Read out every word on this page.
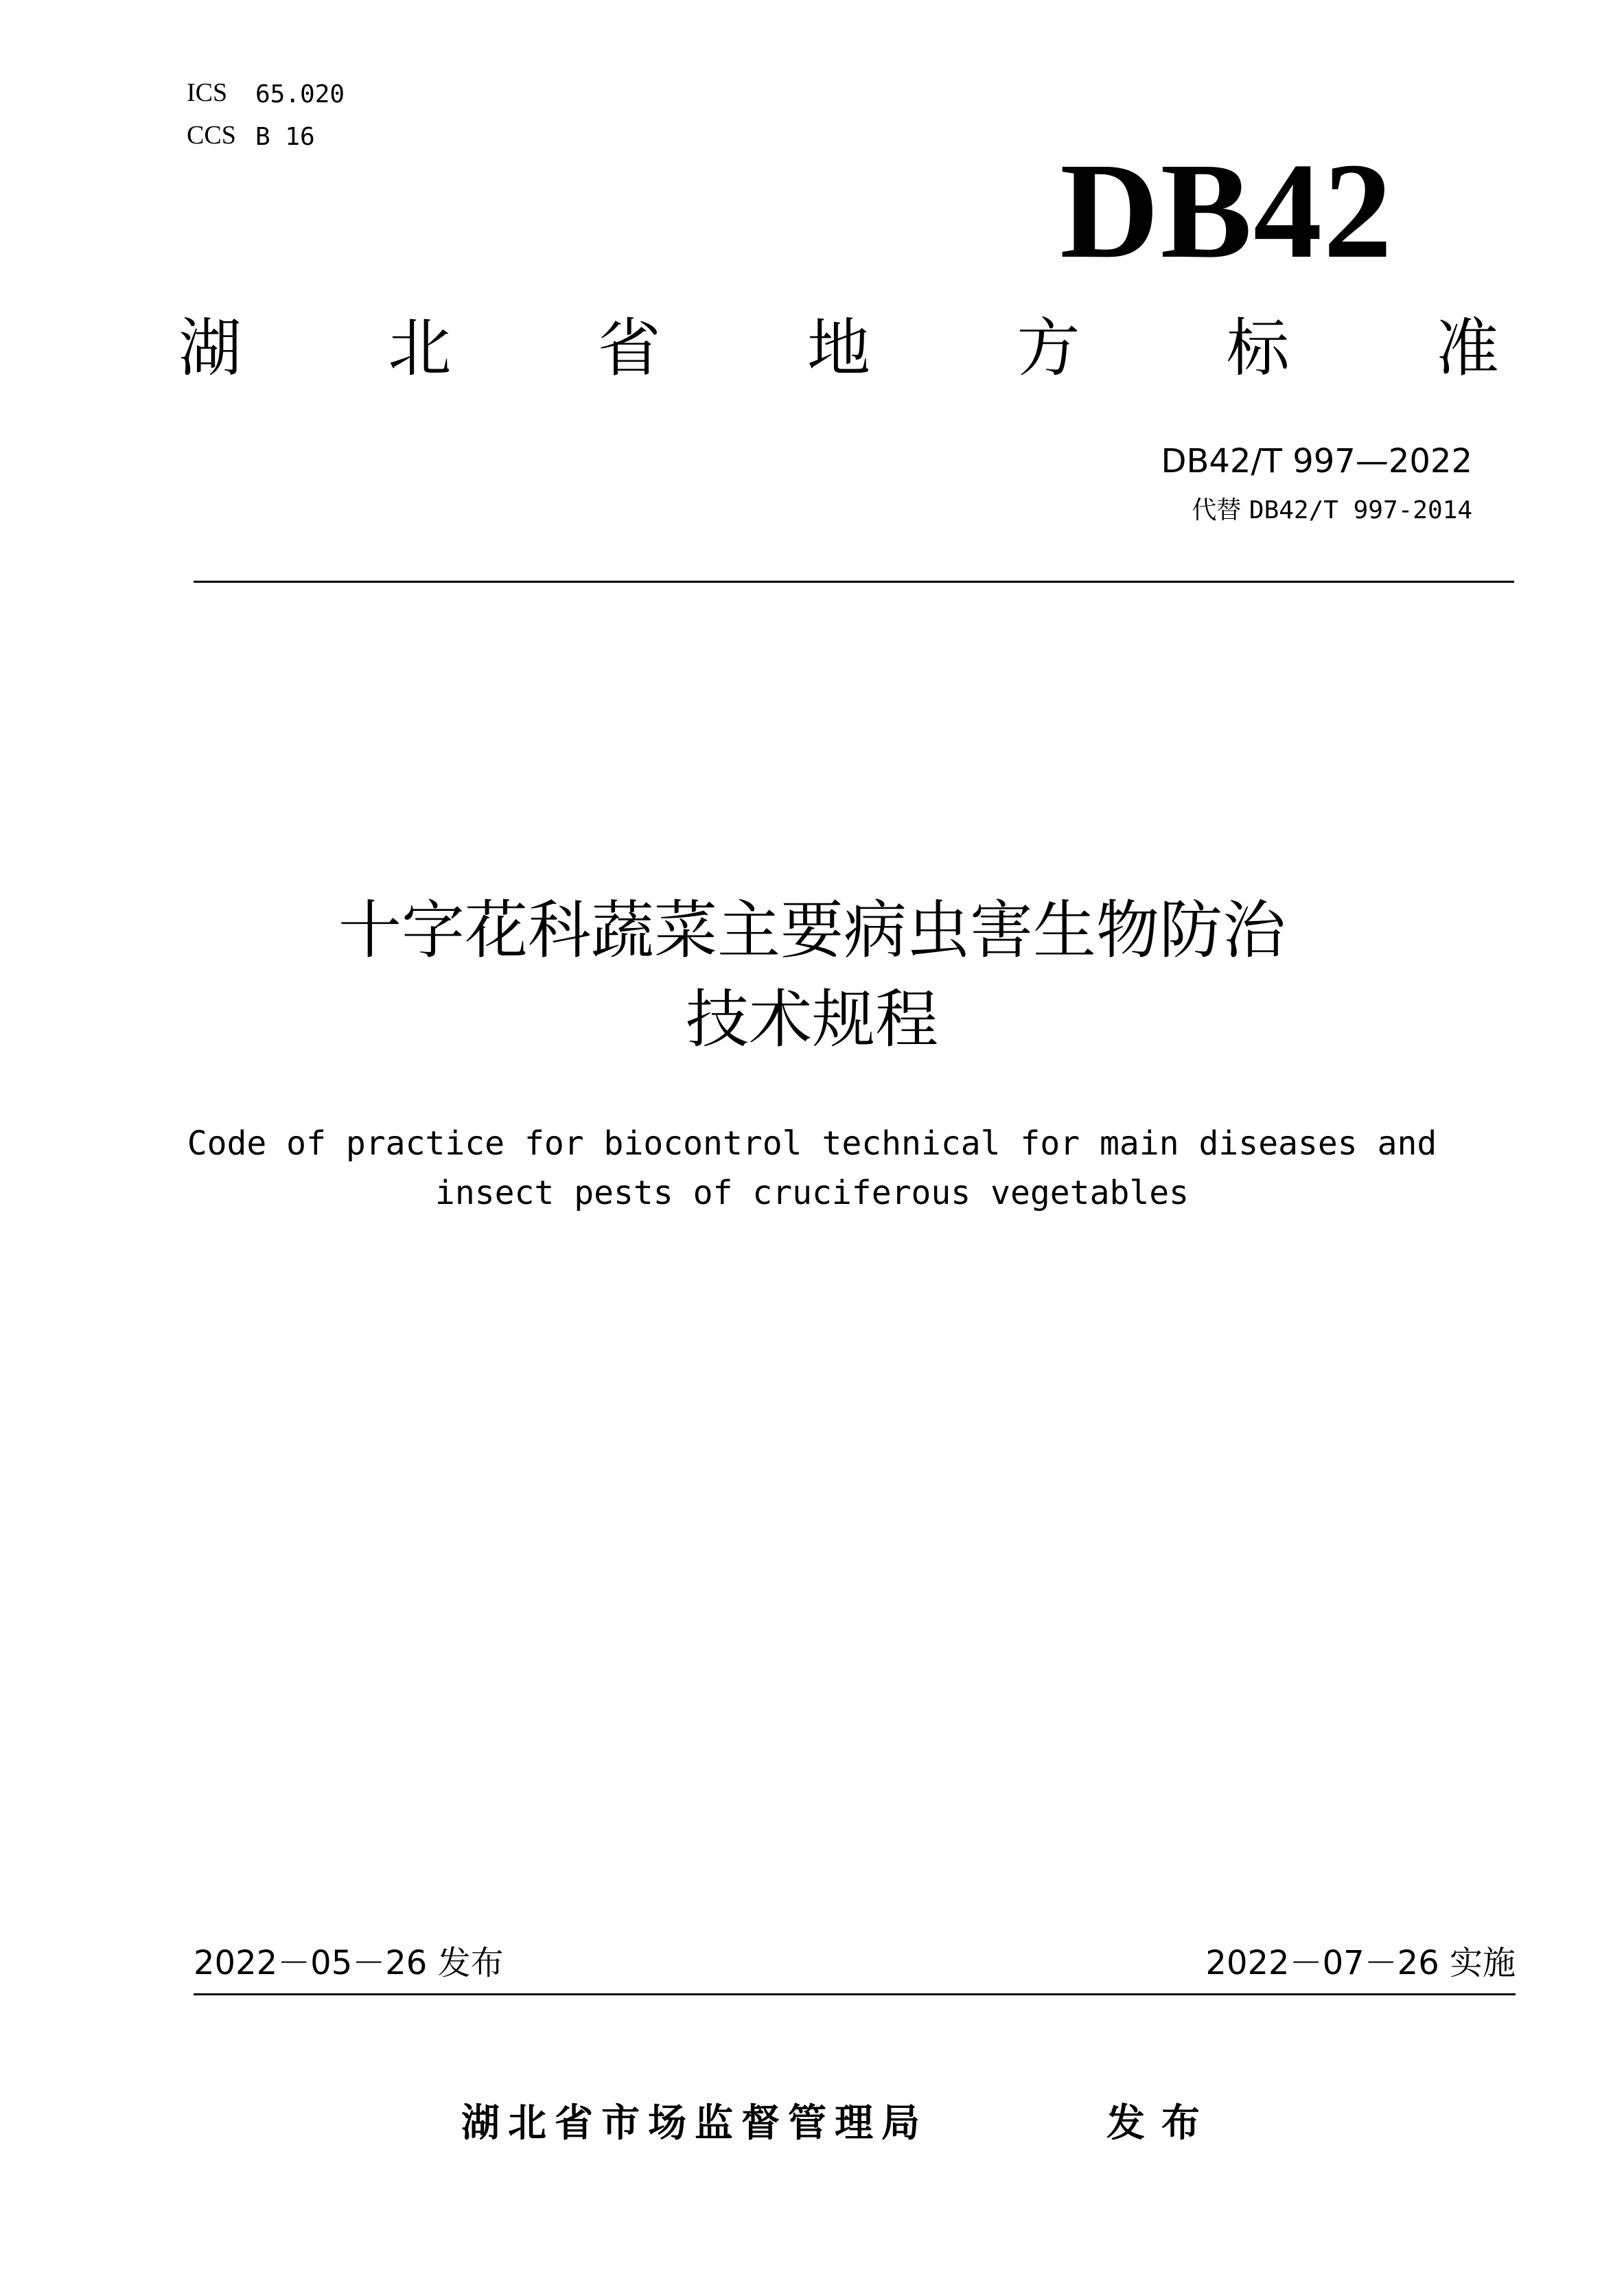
ICS 65.020
CCS B 16	DB42
湖 北 省 地 方 标 准
DB42/T 997—2022
代替 DB42/T 997-2014
十字花科蔬菜主要病虫害生物防治
技术规程
Code of practice for biocontrol technical for main diseases and
insect pests of cruciferous vegetables
2022－05－26 发布	2022－07－26 实施
湖北省市场监督管理局	发布
